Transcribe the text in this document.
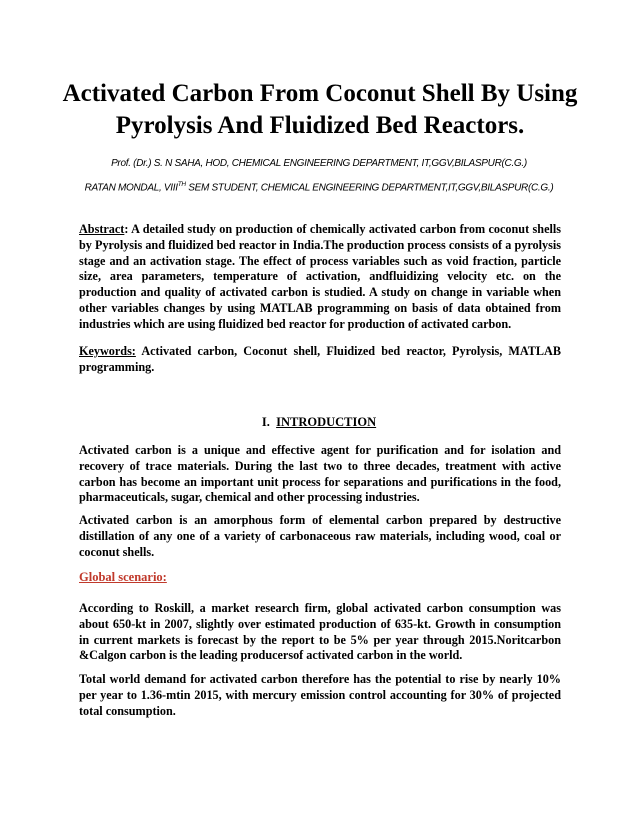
Activated Carbon From Coconut Shell By Using Pyrolysis And Fluidized Bed Reactors.

Prof. (Dr.) S. N SAHA, HOD, CHEMICAL ENGINEERING DEPARTMENT, IT,GGV,BILASPUR(C.G.)

RATAN MONDAL, VIIITH SEM STUDENT, CHEMICAL ENGINEERING DEPARTMENT,IT,GGV,BILASPUR(C.G.)

Abstract: A detailed study on production of chemically activated carbon from coconut shells by Pyrolysis and fluidized bed reactor in India.The production process consists of a pyrolysis stage and an activation stage. The effect of process variables such as void fraction, particle size, area parameters, temperature of activation, andfluidizing velocity etc. on the production and quality of activated carbon is studied. A study on change in variable when other variables changes by using MATLAB programming on basis of data obtained from industries which are using fluidized bed reactor for production of activated carbon.

Keywords: Activated carbon, Coconut shell, Fluidized bed reactor, Pyrolysis, MATLAB programming.

I. INTRODUCTION

Activated carbon is a unique and effective agent for purification and for isolation and recovery of trace materials. During the last two to three decades, treatment with active carbon has become an important unit process for separations and purifications in the food, pharmaceuticals, sugar, chemical and other processing industries.

Activated carbon is an amorphous form of elemental carbon prepared by destructive distillation of any one of a variety of carbonaceous raw materials, including wood, coal or coconut shells.

Global scenario:

According to Roskill, a market research firm, global activated carbon consumption was about 650-kt in 2007, slightly over estimated production of 635-kt. Growth in consumption in current markets is forecast by the report to be 5% per year through 2015.Noritcarbon &Calgon carbon is the leading producersof activated carbon in the world.

Total world demand for activated carbon therefore has the potential to rise by nearly 10% per year to 1.36-mtin 2015, with mercury emission control accounting for 30% of projected total consumption.
